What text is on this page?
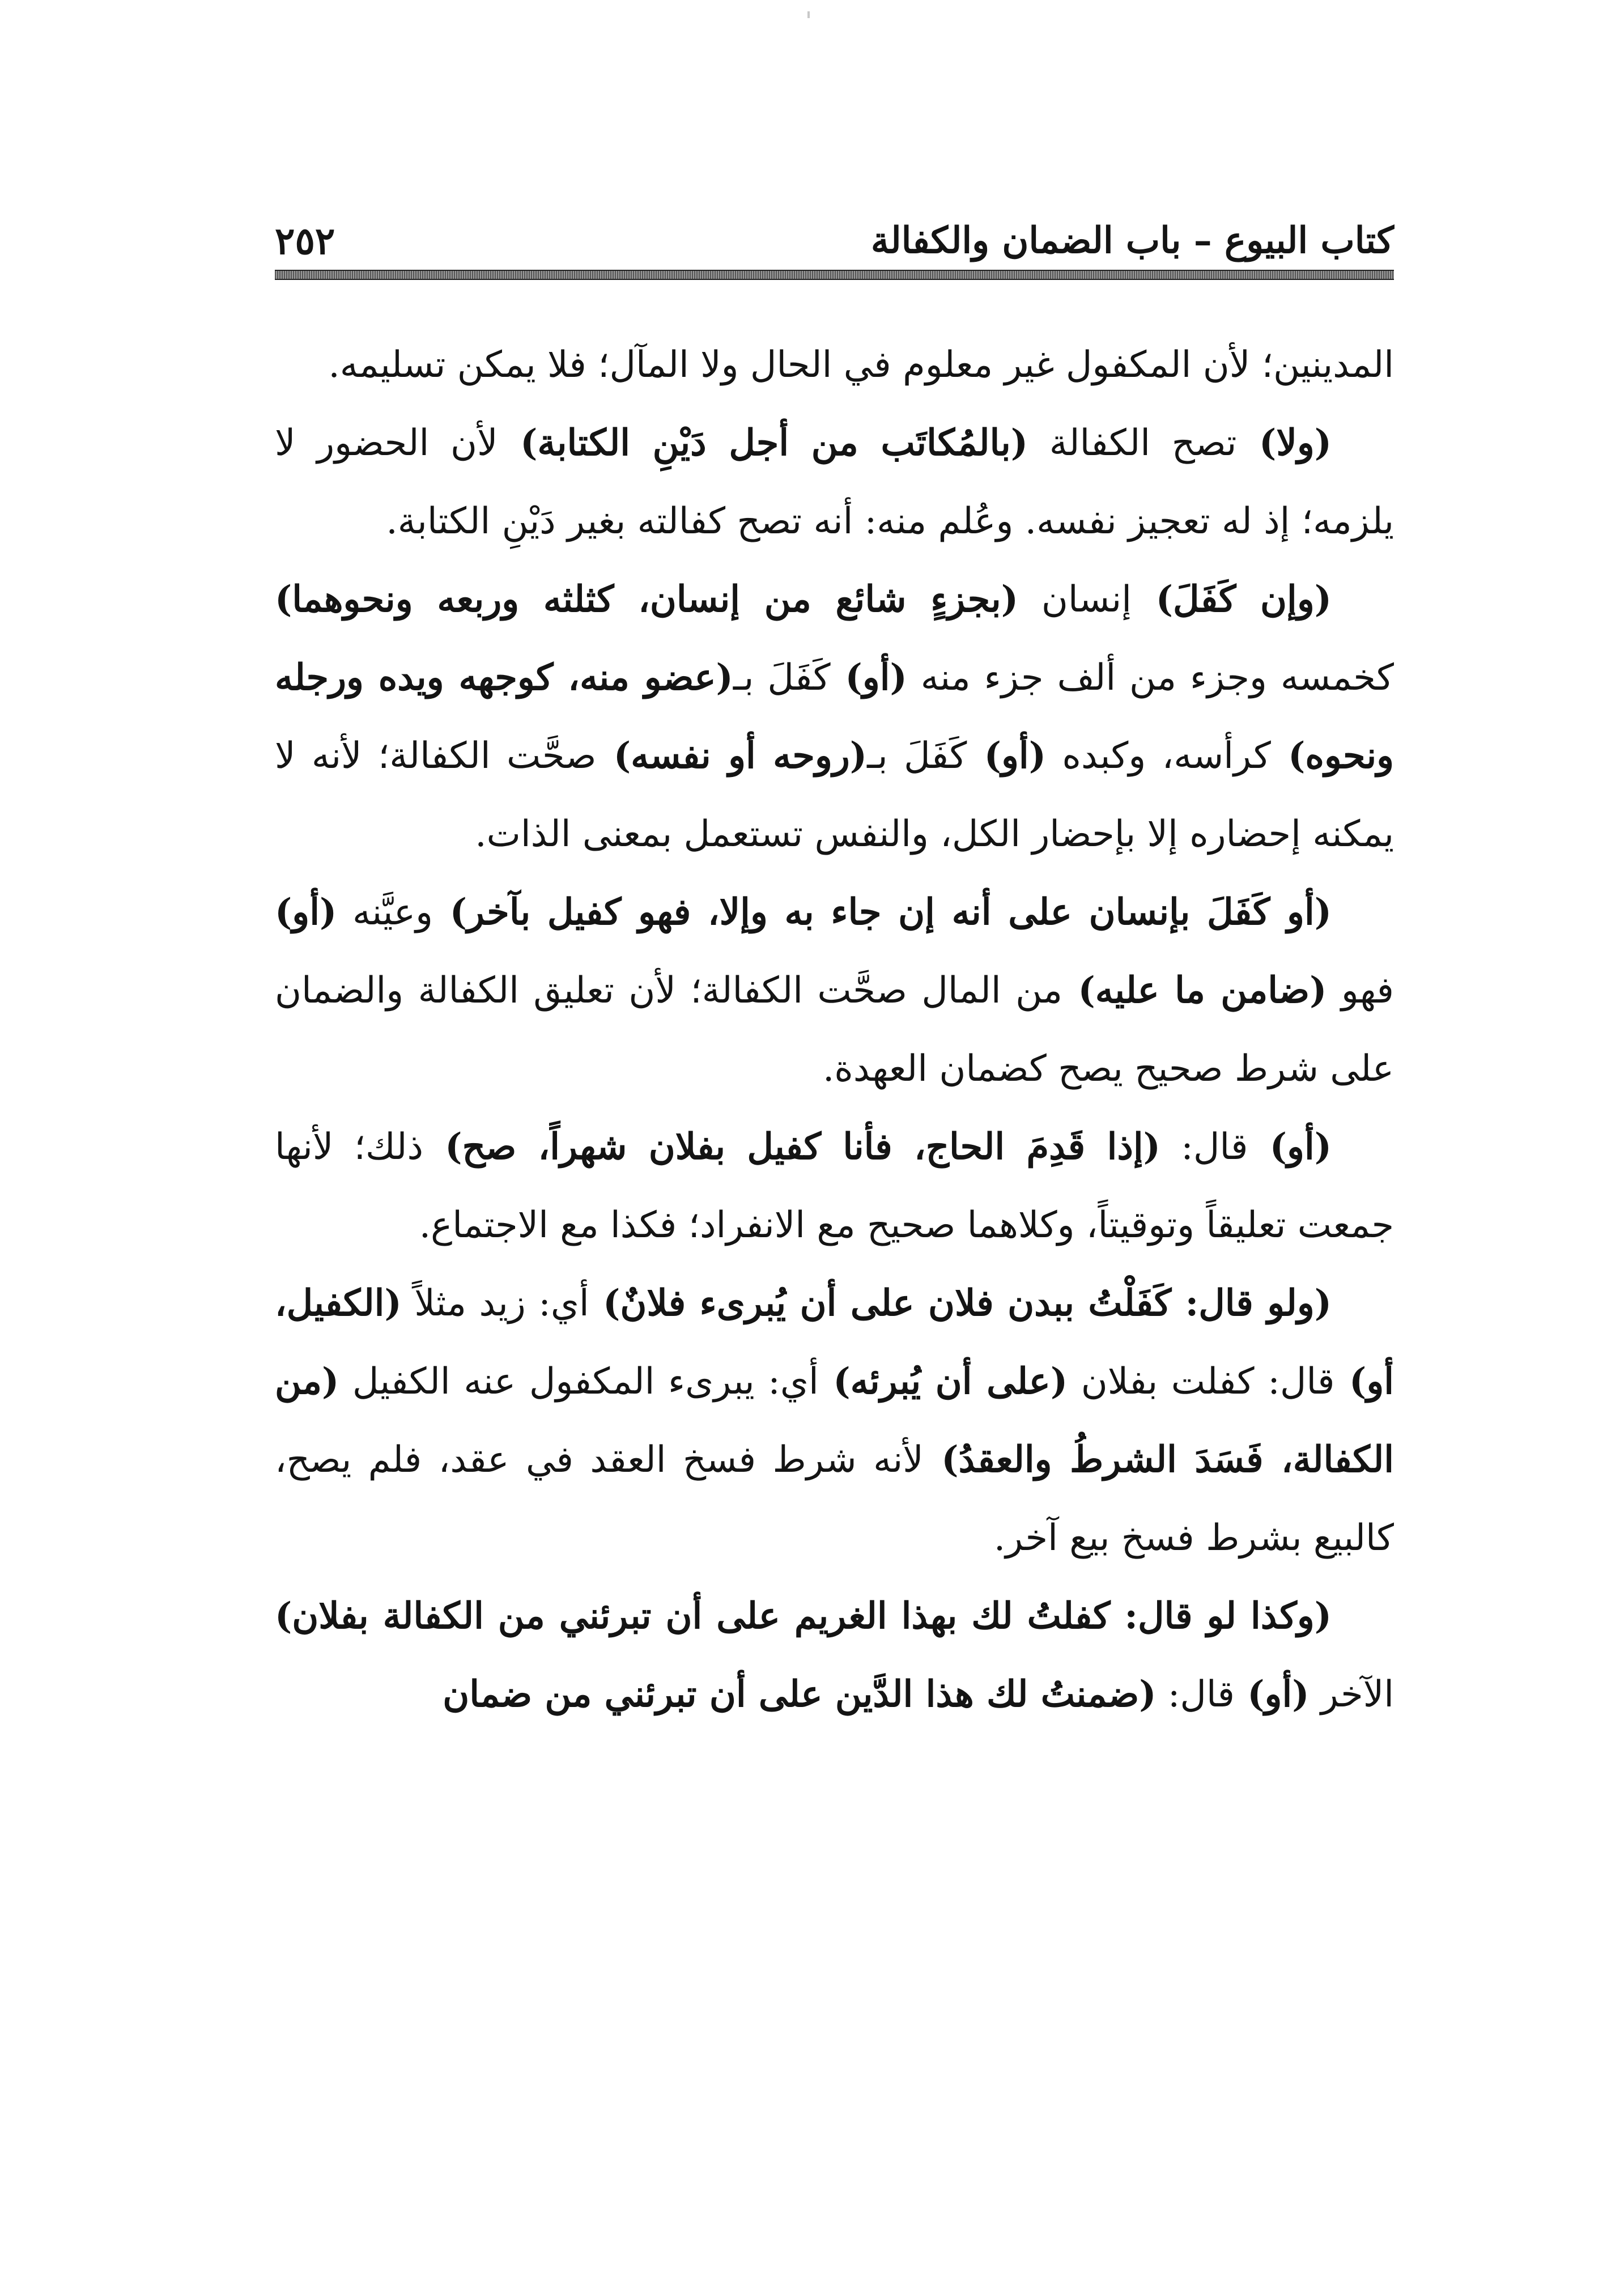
كتاب البيوع – باب الضمان والكفالة
٢٥٢

المدينين؛ لأن المكفول غير معلوم في الحال ولا المآل؛ فلا يمكن تسليمه.

(ولا) تصح الكفالة (بالمُكاتَب من أجل دَيْنِ الكتابة) لأن الحضور لا يلزمه؛ إذ له تعجيز نفسه. وعُلم منه: أنه تصح كفالته بغير دَيْنِ الكتابة.

(وإن كَفَلَ) إنسان (بجزءٍ شائع من إنسان، كثلثه وربعه ونحوهما) كخمسه وجزء من ألف جزء منه (أو) كَفَلَ بـ(عضو منه، كوجهه ويده ورجله ونحوه) كرأسه، وكبده (أو) كَفَلَ بـ(روحه أو نفسه) صحَّت الكفالة؛ لأنه لا يمكنه إحضاره إلا بإحضار الكل، والنفس تستعمل بمعنى الذات.

(أو كَفَلَ بإنسان على أنه إن جاء به وإلا، فهو كفيل بآخر) وعيَّنه (أو) فهو (ضامن ما عليه) من المال صحَّت الكفالة؛ لأن تعليق الكفالة والضمان على شرط صحيح يصح كضمان العهدة.

(أو) قال: (إذا قَدِمَ الحاج، فأنا كفيل بفلان شهراً، صح) ذلك؛ لأنها جمعت تعليقاً وتوقيتاً، وكلاهما صحيح مع الانفراد؛ فكذا مع الاجتماع.

(ولو قال: كَفَلْتُ ببدن فلان على أن يُبرىء فلانٌ) أي: زيد مثلاً (الكفيل، أو) قال: كفلت بفلان (على أن يُبرئه) أي: يبرىء المكفول عنه الكفيل (من الكفالة، فَسَدَ الشرطُ والعقدُ) لأنه شرط فسخ العقد في عقد، فلم يصح، كالبيع بشرط فسخ بيع آخر.

(وكذا لو قال: كفلتُ لك بهذا الغريم على أن تبرئني من الكفالة بفلان) الآخر (أو) قال: (ضمنتُ لك هذا الدَّين على أن تبرئني من ضمان
